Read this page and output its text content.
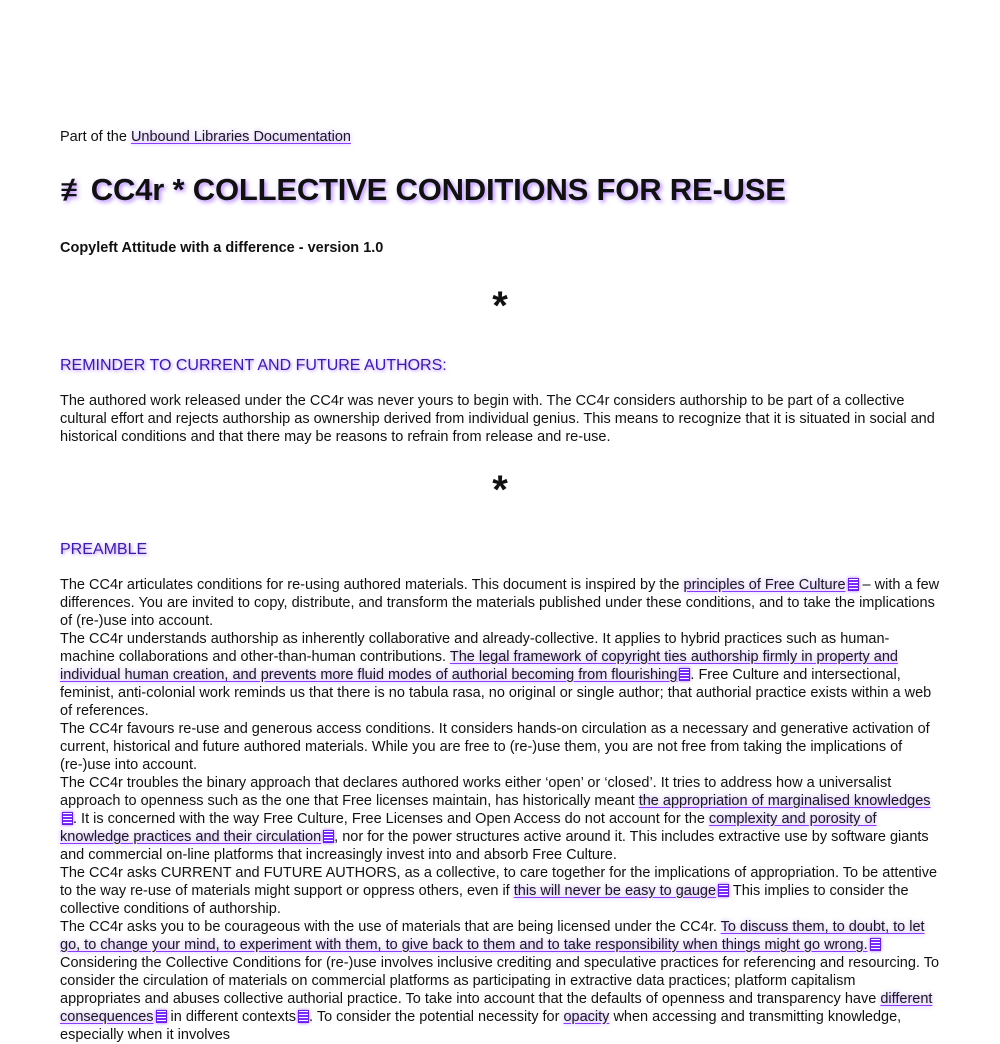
Part of the Unbound Libraries Documentation
≢CC4r * COLLECTIVE CONDITIONS FOR RE-USE
Copyleft Attitude with a difference - version 1.0
*
REMINDER TO CURRENT AND FUTURE AUTHORS:

The authored work released under the CC4r was never yours to begin with. The CC4r considers authorship to be part of a collective cultural effort and rejects authorship as ownership derived from individual genius. This means to recognize that it is situated in social and historical conditions and that there may be reasons to refrain from release and re-use.

*
PREAMBLE

The CC4r articulates conditions for re-using authored materials. This document is inspired by the principles of Free Culture – with a few differences. You are invited to copy, distribute, and transform the materials published under these conditions, and to take the implications of (re-)use into account.

The CC4r understands authorship as inherently collaborative and already-collective. It applies to hybrid practices such as human-machine collaborations and other-than-human contributions. The legal framework of copyright ties authorship firmly in property and individual human creation, and prevents more fluid modes of authorial becoming from flourishing . Free Culture and intersectional, feminist, anti-colonial work reminds us that there is no tabula rasa, no original or single author; that authorial practice exists within a web of references.

The CC4r favours re-use and generous access conditions. It considers hands-on circulation as a necessary and generative activation of current, historical and future authored materials. While you are free to (re-)use them, you are not free from taking the implications of (re-)use into account.

The CC4r troubles the binary approach that declares authored works either ‘open’ or ‘closed’. It tries to address how a universalist approach to openness such as the one that Free licenses maintain, has historically meant the appropriation of marginalised knowledges. It is concerned with the way Free Culture, Free Licenses and Open Access do not account for the complexity and porosity of knowledge practices and their circulation , nor for the power structures active around it. This includes extractive use by software giants and commercial on-line platforms that increasingly invest into and absorb Free Culture.

The CC4r asks CURRENT and FUTURE AUTHORS, as a collective, to care together for the implications of appropriation. To be attentive to the way re-use of materials might support or oppress others, even if this will never be easy to gauge This implies to consider the collective conditions of authorship.

The CC4r asks you to be courageous with the use of materials that are being licensed under the CC4r. To discuss them, to doubt, to let go, to change your mind, to experiment with them, to give back to them and to take responsibility when things might go wrong.

Considering the Collective Conditions for (re-)use involves inclusive crediting and speculative practices for referencing and resourcing. To consider the circulation of materials on commercial platforms as participating in extractive data practices; platform capitalism appropriates and abuses collective authorial practice. To take into account that the defaults of openness and transparency have different consequences in different contexts . To consider the potential necessity for opacity when accessing and transmitting knowledge, especially when it involves
